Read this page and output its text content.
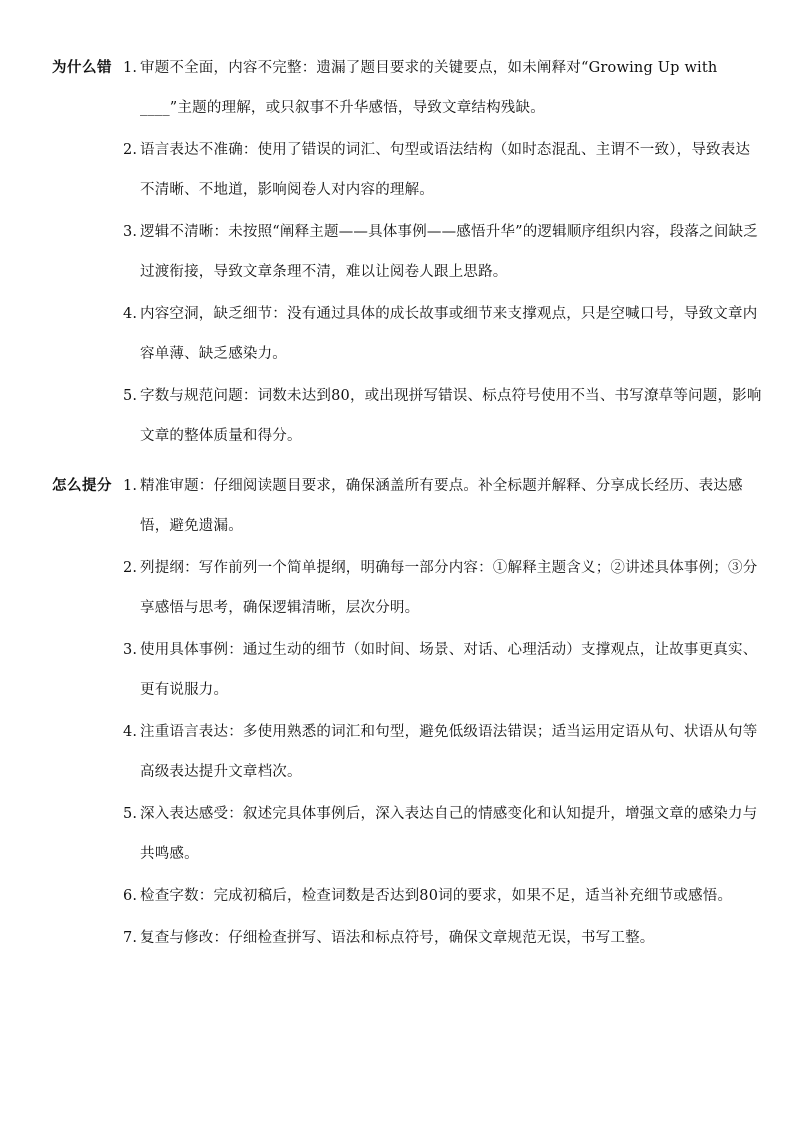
为什么错 1. 审题不全面，内容不完整：遗漏了题目要求的关键要点，如未阐释对“Growing Up with ____”主题的理解，或只叙事不升华感悟，导致文章结构残缺。
2. 语言表达不准确：使用了错误的词汇、句型或语法结构（如时态混乱、主谓不一致），导致表达不清晰、不地道，影响阅卷人对内容的理解。
3. 逻辑不清晰：未按照“阐释主题——具体事例——感悟升华”的逻辑顺序组织内容，段落之间缺乏过渡衔接，导致文章条理不清，难以让阅卷人跟上思路。
4. 内容空洞，缺乏细节：没有通过具体的成长故事或细节来支撑观点，只是空喊口号，导致文章内容单薄、缺乏感染力。
5. 字数与规范问题：词数未达到80，或出现拼写错误、标点符号使用不当、书写潦草等问题，影响文章的整体质量和得分。
怎么提分 1. 精准审题：仔细阅读题目要求，确保涵盖所有要点。补全标题并解释、分享成长经历、表达感悟，避免遗漏。
2. 列提纲：写作前列一个简单提纲，明确每一部分内容：①解释主题含义；②讲述具体事例；③分享感悟与思考，确保逻辑清晰，层次分明。
3. 使用具体事例：通过生动的细节（如时间、场景、对话、心理活动）支撑观点，让故事更真实、更有说服力。
4. 注重语言表达：多使用熟悉的词汇和句型，避免低级语法错误；适当运用定语从句、状语从句等高级表达提升文章档次。
5. 深入表达感受：叙述完具体事例后，深入表达自己的情感变化和认知提升，增强文章的感染力与共鸣感。
6. 检查字数：完成初稿后，检查词数是否达到80词的要求，如果不足，适当补充细节或感悟。
7. 复查与修改：仔细检查拼写、语法和标点符号，确保文章规范无误，书写工整。
